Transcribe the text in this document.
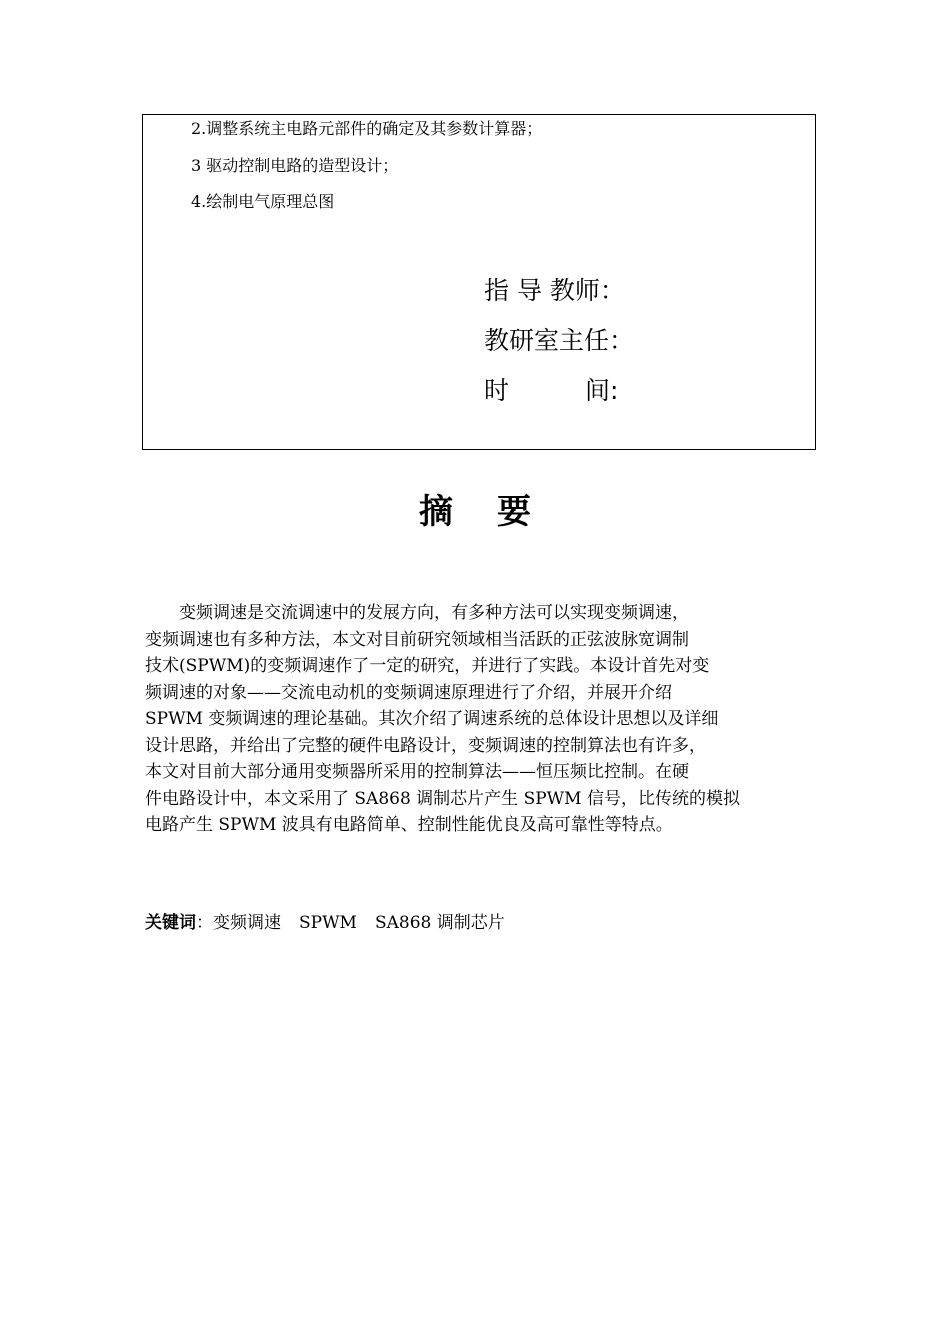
2.调整系统主电路元部件的确定及其参数计算器；
3 驱动控制电路的造型设计；
4.绘制电气原理总图
指 导 教师：
教研室主任：
时	间:
摘要
　　变频调速是交流调速中的发展方向，有多种方法可以实现变频调速，
变频调速也有多种方法，本文对目前研究领域相当活跃的正弦波脉宽调制
技术(SPWM)的变频调速作了一定的研究，并进行了实践。本设计首先对变
频调速的对象——交流电动机的变频调速原理进行了介绍，并展开介绍
SPWM 变频调速的理论基础。其次介绍了调速系统的总体设计思想以及详细
设计思路，并给出了完整的硬件电路设计，变频调速的控制算法也有许多，
本文对目前大部分通用变频器所采用的控制算法——恒压频比控制。在硬
件电路设计中，本文采用了 SA868 调制芯片产生 SPWM 信号，比传统的模拟
电路产生 SPWM 波具有电路简单、控制性能优良及高可靠性等特点。
关键词：变频调速 SPWM SA868 调制芯片
